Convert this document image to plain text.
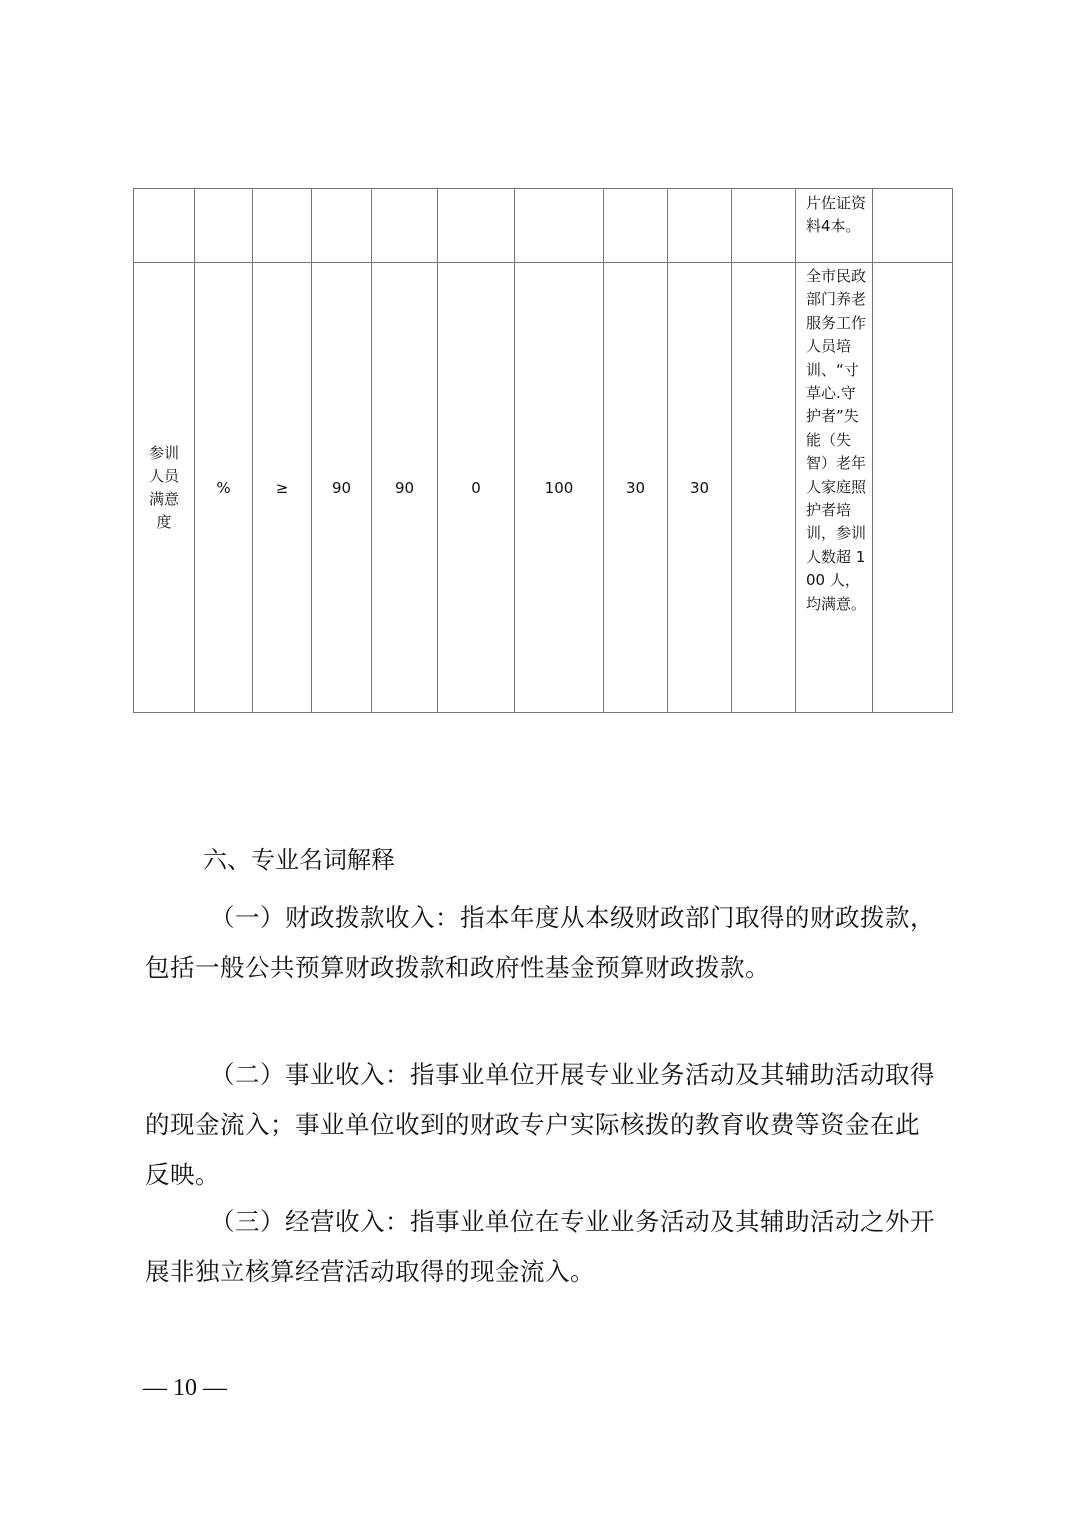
										片佐证资料4本。	
参训人员满意度	%	≥	90	90	0	100	30	30		全市民政部门养老服务工作人员培训、“寸草心.守护者”失能（失智）老年人家庭照护者培训，参训人数超 100 人，均满意。	
六、专业名词解释
（一）财政拨款收入：指本年度从本级财政部门取得的财政拨款，包括一般公共预算财政拨款和政府性基金预算财政拨款。
（二）事业收入：指事业单位开展专业业务活动及其辅助活动取得的现金流入；事业单位收到的财政专户实际核拨的教育收费等资金在此反映。
（三）经营收入：指事业单位在专业业务活动及其辅助活动之外开展非独立核算经营活动取得的现金流入。
— 10 —
